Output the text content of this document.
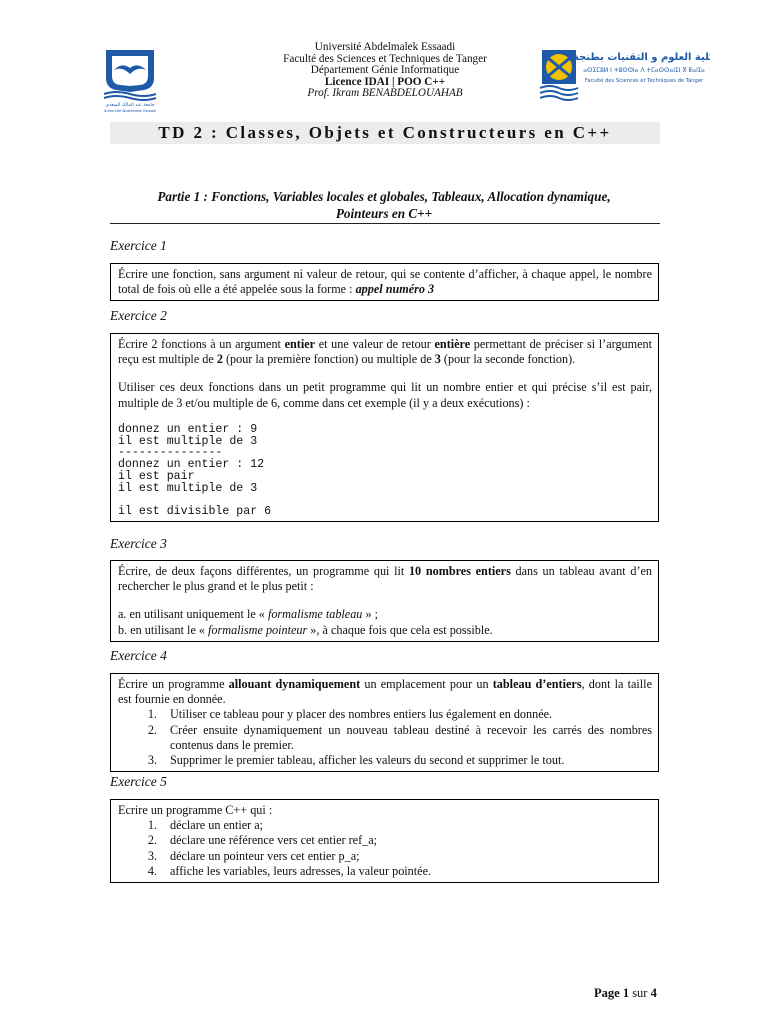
جامعة عبد المالك السعدي
Université Abdelmalek Essaadi
Université Abdelmalek Essaadi
Faculté des Sciences et Techniques de Tanger
Département Génie Informatique
Licence IDAI | POO C++
Prof. Ikram BENABDELOUAHAB
كلية العلوم و التقنيات بطنجة
ⴰⵙⵉⵎⵓⵍ ⵏ ⵜⵓⵙⵙⵏⴰ ⴷ ⵜⵎⴰⵙⵙⴰⵏⵉⵏ ⴳ ⵟⴰⵏⵊⴰ
Faculté des Sciences et Techniques de Tanger
TD 2 : Classes, Objets et Constructeurs en C++
Partie 1 : Fonctions, Variables locales et globales, Tableaux, Allocation dynamique,
Pointeurs en C++
Exercice 1

Écrire une fonction, sans argument ni valeur de retour, qui se contente d’afficher, à chaque appel, le nombre total de fois où elle a été appelée sous la forme : appel numéro 3

Exercice 2

Écrire 2 fonctions à un argument entier et une valeur de retour entière permettant de préciser si l’argument reçu est multiple de 2 (pour la première fonction) ou multiple de 3 (pour la seconde fonction).

Utiliser ces deux fonctions dans un petit programme qui lit un nombre entier et qui précise s’il est pair, multiple de 3 et/ou multiple de 6, comme dans cet exemple (il y a deux exécutions) :

donnez un entier : 9
il est multiple de 3
---------------
donnez un entier : 12
il est pair
il est multiple de 3
il est divisible par 6
Exercice 3

Écrire, de deux façons différentes, un programme qui lit 10 nombres entiers dans un tableau avant d’en rechercher le plus grand et le plus petit :

a. en utilisant uniquement le « formalisme tableau » ;

b. en utilisant le « formalisme pointeur », à chaque fois que cela est possible.

Exercice 4

Écrire un programme allouant dynamiquement un emplacement pour un tableau d’entiers, dont la taille est fournie en donnée.

1. Utiliser ce tableau pour y placer des nombres entiers lus également en donnée.
2. Créer ensuite dynamiquement un nouveau tableau destiné à recevoir les carrés des nombres contenus dans le premier.
3. Supprimer le premier tableau, afficher les valeurs du second et supprimer le tout.
Exercice 5

Ecrire un programme C++ qui :

1. déclare un entier a;
2. déclare une référence vers cet entier ref_a;
3. déclare un pointeur vers cet entier p_a;
4. affiche les variables, leurs adresses, la valeur pointée.
Page 1 sur 4
